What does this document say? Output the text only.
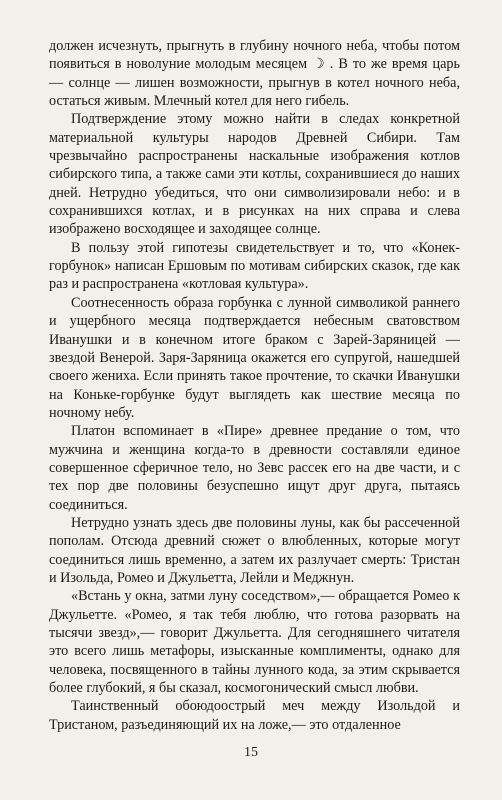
должен исчезнуть, прыгнуть в глубину ночного неба, чтобы потом появиться в новолуние молодым месяцем ☽ . В то же время царь — солнце — лишен возможности, прыгнув в котел ночного неба, остаться живым. Млечный котел для него гибель.

Подтверждение этому можно найти в следах конкретной материальной культуры народов Древней Сибири. Там чрезвычайно распространены наскальные изображения котлов сибирского типа, а также сами эти котлы, сохранившиеся до наших дней. Нетрудно убедиться, что они символизировали небо: и в сохранившихся котлах, и в рисунках на них справа и слева изображено восходящее и заходящее солнце.

В пользу этой гипотезы свидетельствует и то, что «Конек-горбунок» написан Ершовым по мотивам сибирских сказок, где как раз и распространена «котловая культура».

Соотнесенность образа горбунка с лунной символикой раннего и ущербного месяца подтверждается небесным сватовством Иванушки и в конечном итоге браком с Зарей-Заряницей — звездой Венерой. Заря-Заряница окажется его супругой, нашедшей своего жениха. Если принять такое прочтение, то скачки Иванушки на Коньке-горбунке будут выглядеть как шествие месяца по ночному небу.

Платон вспоминает в «Пире» древнее предание о том, что мужчина и женщина когда-то в древности составляли единое совершенное сферичное тело, но Зевс рассек его на две части, и с тех пор две половины безуспешно ищут друг друга, пытаясь соединиться.

Нетрудно узнать здесь две половины луны, как бы рассеченной пополам. Отсюда древний сюжет о влюбленных, которые могут соединиться лишь временно, а затем их разлучает смерть: Тристан и Изольда, Ромео и Джульетта, Лейли и Меджнун.

«Встань у окна, затми луну соседством»,— обращается Ромео к Джульетте. «Ромео, я так тебя люблю, что готова разорвать на тысячи звезд»,— говорит Джульетта. Для сегодняшнего читателя это всего лишь метафоры, изысканные комплименты, однако для человека, посвященного в тайны лунного кода, за этим скрывается более глубокий, я бы сказал, космогонический смысл любви.

Таинственный обоюдоострый меч между Изольдой и Тристаном, разъединяющий их на ложе,— это отдаленное

15
